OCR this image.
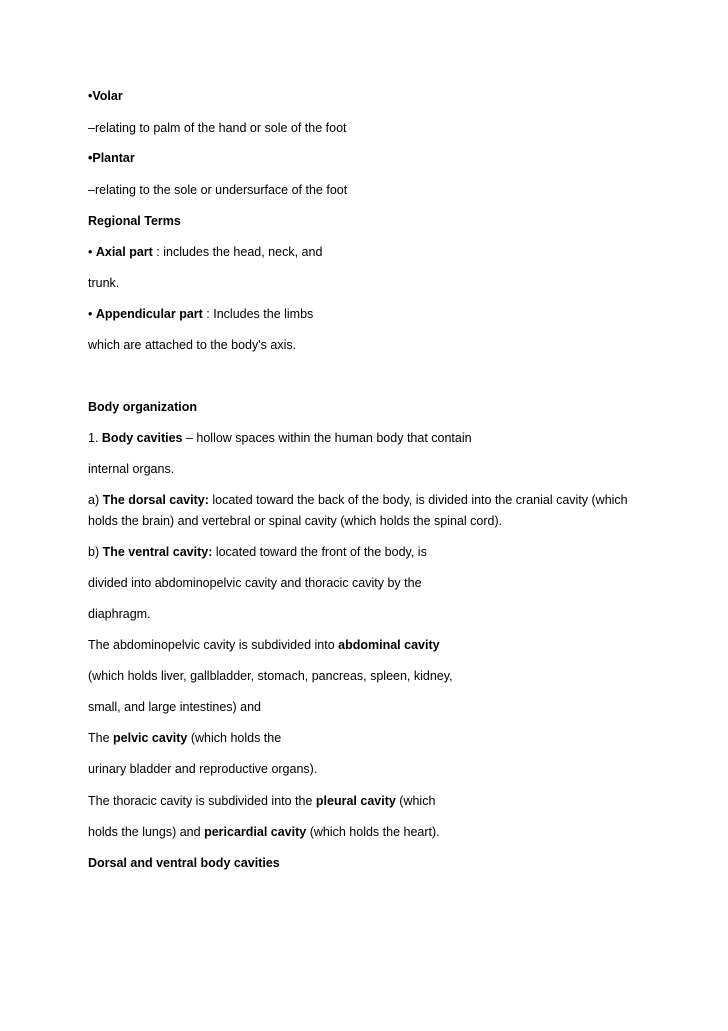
•Volar
–relating to palm of the hand or sole of the foot
•Plantar
–relating to the sole or undersurface of the foot
Regional Terms
• Axial part : includes the head, neck, and
trunk.
• Appendicular part : Includes the limbs
which are attached to the body's axis.
Body organization
1. Body cavities – hollow spaces within the human body that contain
internal organs.
a) The dorsal cavity: located toward the back of the body, is divided into the cranial cavity (which holds the brain) and vertebral or spinal cavity (which holds the spinal cord).
b) The ventral cavity: located toward the front of the body, is
divided into abdominopelvic cavity and thoracic cavity by the
diaphragm.
The abdominopelvic cavity is subdivided into abdominal cavity
(which holds liver, gallbladder, stomach, pancreas, spleen, kidney,
small, and large intestines) and
The pelvic cavity (which holds the
urinary bladder and reproductive organs).
The thoracic cavity is subdivided into the pleural cavity (which
holds the lungs) and pericardial cavity (which holds the heart).
Dorsal and ventral body cavities
